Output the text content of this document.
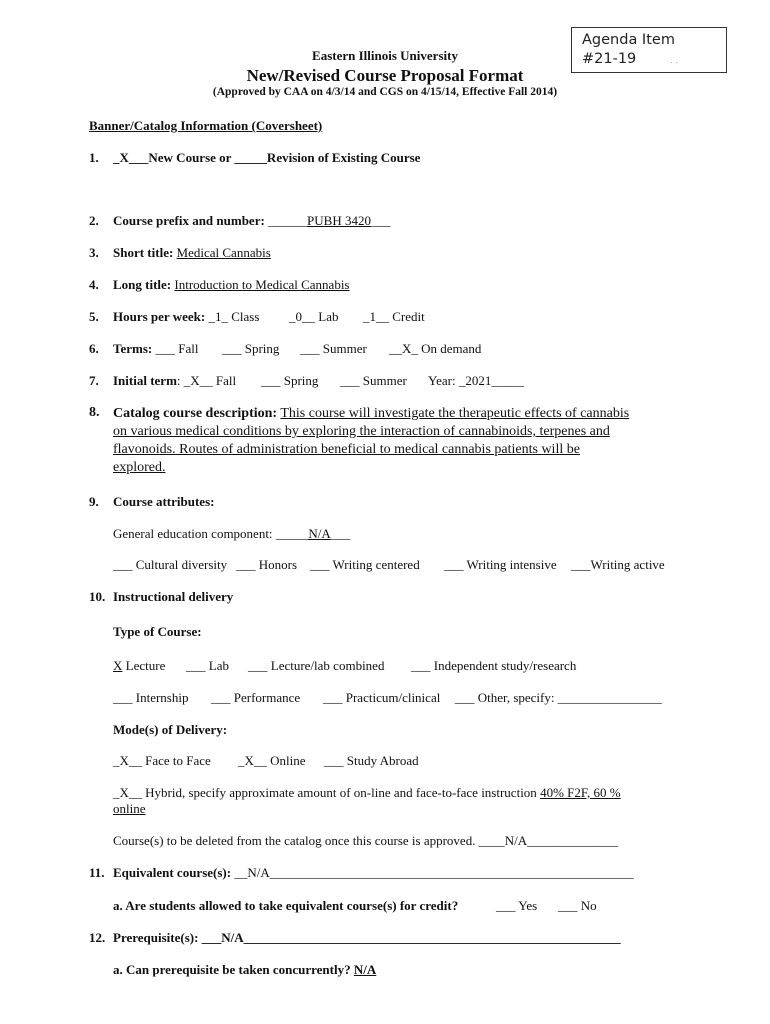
Agenda Item
#21-19	. .
Eastern Illinois University
New/Revised Course Proposal Format
(Approved by CAA on 4/3/14 and CGS on 4/15/14, Effective Fall 2014)
Banner/Catalog Information (Coversheet)
1. _X___New Course or _____Revision of Existing Course
2. Course prefix and number: ______PUBH 3420___
3. Short title: Medical Cannabis
4. Long title: Introduction to Medical Cannabis
5. Hours per week: _1_ Class _0__ Lab _1__ Credit
6. Terms: ___ Fall ___ Spring ___ Summer __X_ On demand
7. Initial term: _X__ Fall ___ Spring ___ Summer Year: _2021_____
8. Catalog course description: This course will investigate the therapeutic effects of cannabis
on various medical conditions by exploring the interaction of cannabinoids, terpenes and
flavonoids. Routes of administration beneficial to medical cannabis patients will be
explored.
9. Course attributes:
General education component: _____N/A___
___ Cultural diversity ___ Honors ___ Writing centered ___ Writing intensive ___Writing active
10. Instructional delivery
Type of Course:
X Lecture ___ Lab ___ Lecture/lab combined ___ Independent study/research
___ Internship ___ Performance ___ Practicum/clinical ___ Other, specify: ________________
Mode(s) of Delivery:
_X__ Face to Face _X__ Online ___ Study Abroad
_X__ Hybrid, specify approximate amount of on-line and face-to-face instruction 40% F2F, 60 %
online
Course(s) to be deleted from the catalog once this course is approved. ____N/A______________
11. Equivalent course(s): __N/A________________________________________________________
a. Are students allowed to take equivalent course(s) for credit?	___ Yes ___ No
12. Prerequisite(s): ___N/A__________________________________________________________
a. Can prerequisite be taken concurrently? N/A
